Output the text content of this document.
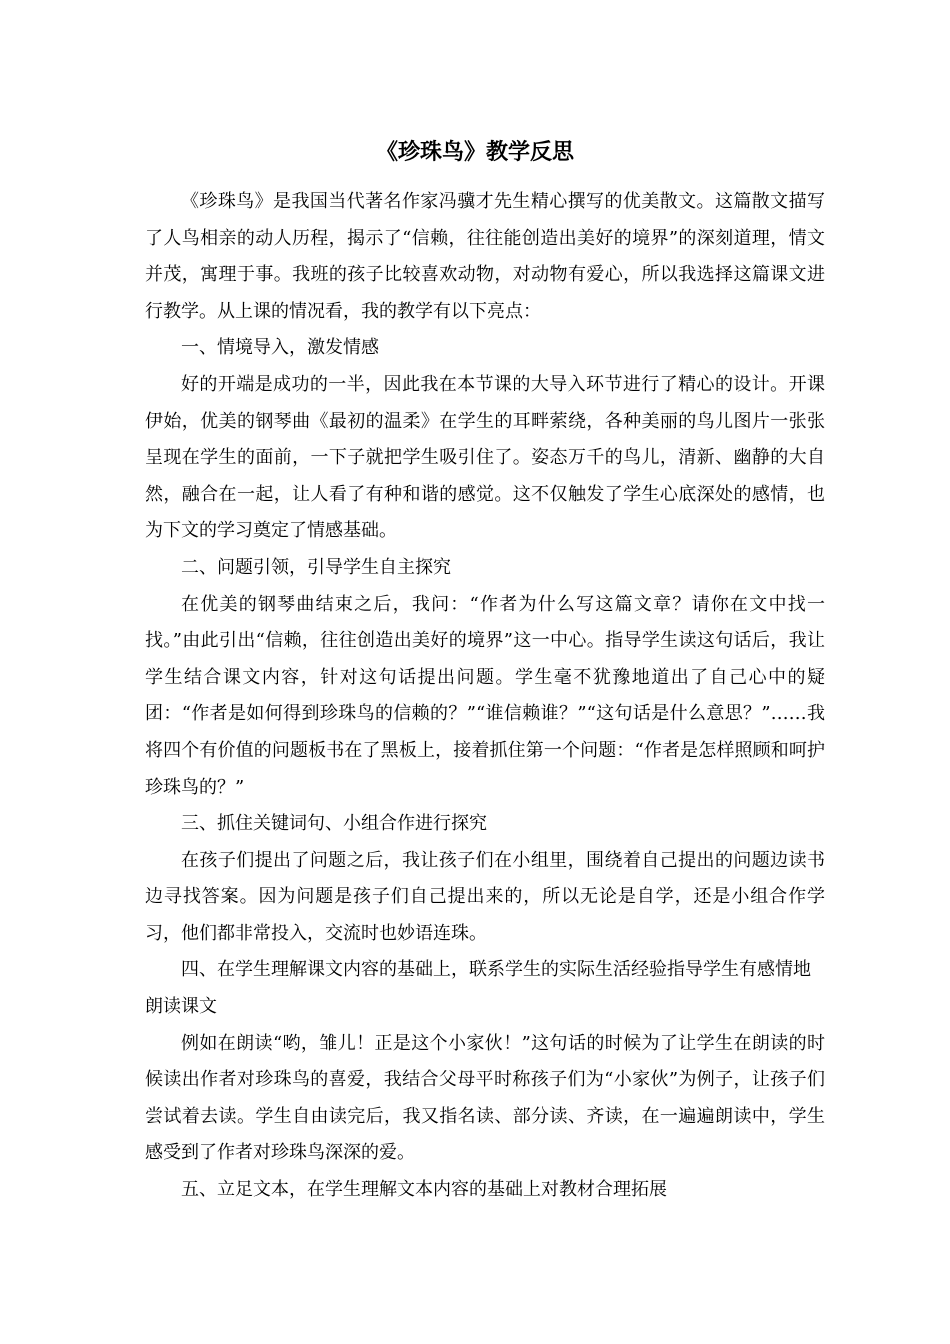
《珍珠鸟》教学反思

《珍珠鸟》是我国当代著名作家冯骥才先生精心撰写的优美散文。这篇散文描写了人鸟相亲的动人历程，揭示了“信赖，往往能创造出美好的境界”的深刻道理，情文并茂，寓理于事。我班的孩子比较喜欢动物，对动物有爱心，所以我选择这篇课文进行教学。从上课的情况看，我的教学有以下亮点：

一、情境导入，激发情感

好的开端是成功的一半，因此我在本节课的大导入环节进行了精心的设计。开课伊始，优美的钢琴曲《最初的温柔》在学生的耳畔萦绕，各种美丽的鸟儿图片一张张呈现在学生的面前，一下子就把学生吸引住了。姿态万千的鸟儿，清新、幽静的大自然，融合在一起，让人看了有种和谐的感觉。这不仅触发了学生心底深处的感情，也为下文的学习奠定了情感基础。

二、问题引领，引导学生自主探究

在优美的钢琴曲结束之后，我问：“作者为什么写这篇文章？请你在文中找一找。”由此引出“信赖，往往创造出美好的境界”这一中心。指导学生读这句话后，我让学生结合课文内容，针对这句话提出问题。学生毫不犹豫地道出了自己心中的疑团：“作者是如何得到珍珠鸟的信赖的？”“谁信赖谁？”“这句话是什么意思？”……我将四个有价值的问题板书在了黑板上，接着抓住第一个问题：“作者是怎样照顾和呵护珍珠鸟的？”

三、抓住关键词句、小组合作进行探究

在孩子们提出了问题之后，我让孩子们在小组里，围绕着自己提出的问题边读书边寻找答案。因为问题是孩子们自己提出来的，所以无论是自学，还是小组合作学习，他们都非常投入，交流时也妙语连珠。

四、在学生理解课文内容的基础上，联系学生的实际生活经验指导学生有感情地朗读课文

例如在朗读“哟，雏儿！正是这个小家伙！”这句话的时候为了让学生在朗读的时候读出作者对珍珠鸟的喜爱，我结合父母平时称孩子们为“小家伙”为例子，让孩子们尝试着去读。学生自由读完后，我又指名读、部分读、齐读，在一遍遍朗读中，学生感受到了作者对珍珠鸟深深的爱。

五、立足文本，在学生理解文本内容的基础上对教材合理拓展
